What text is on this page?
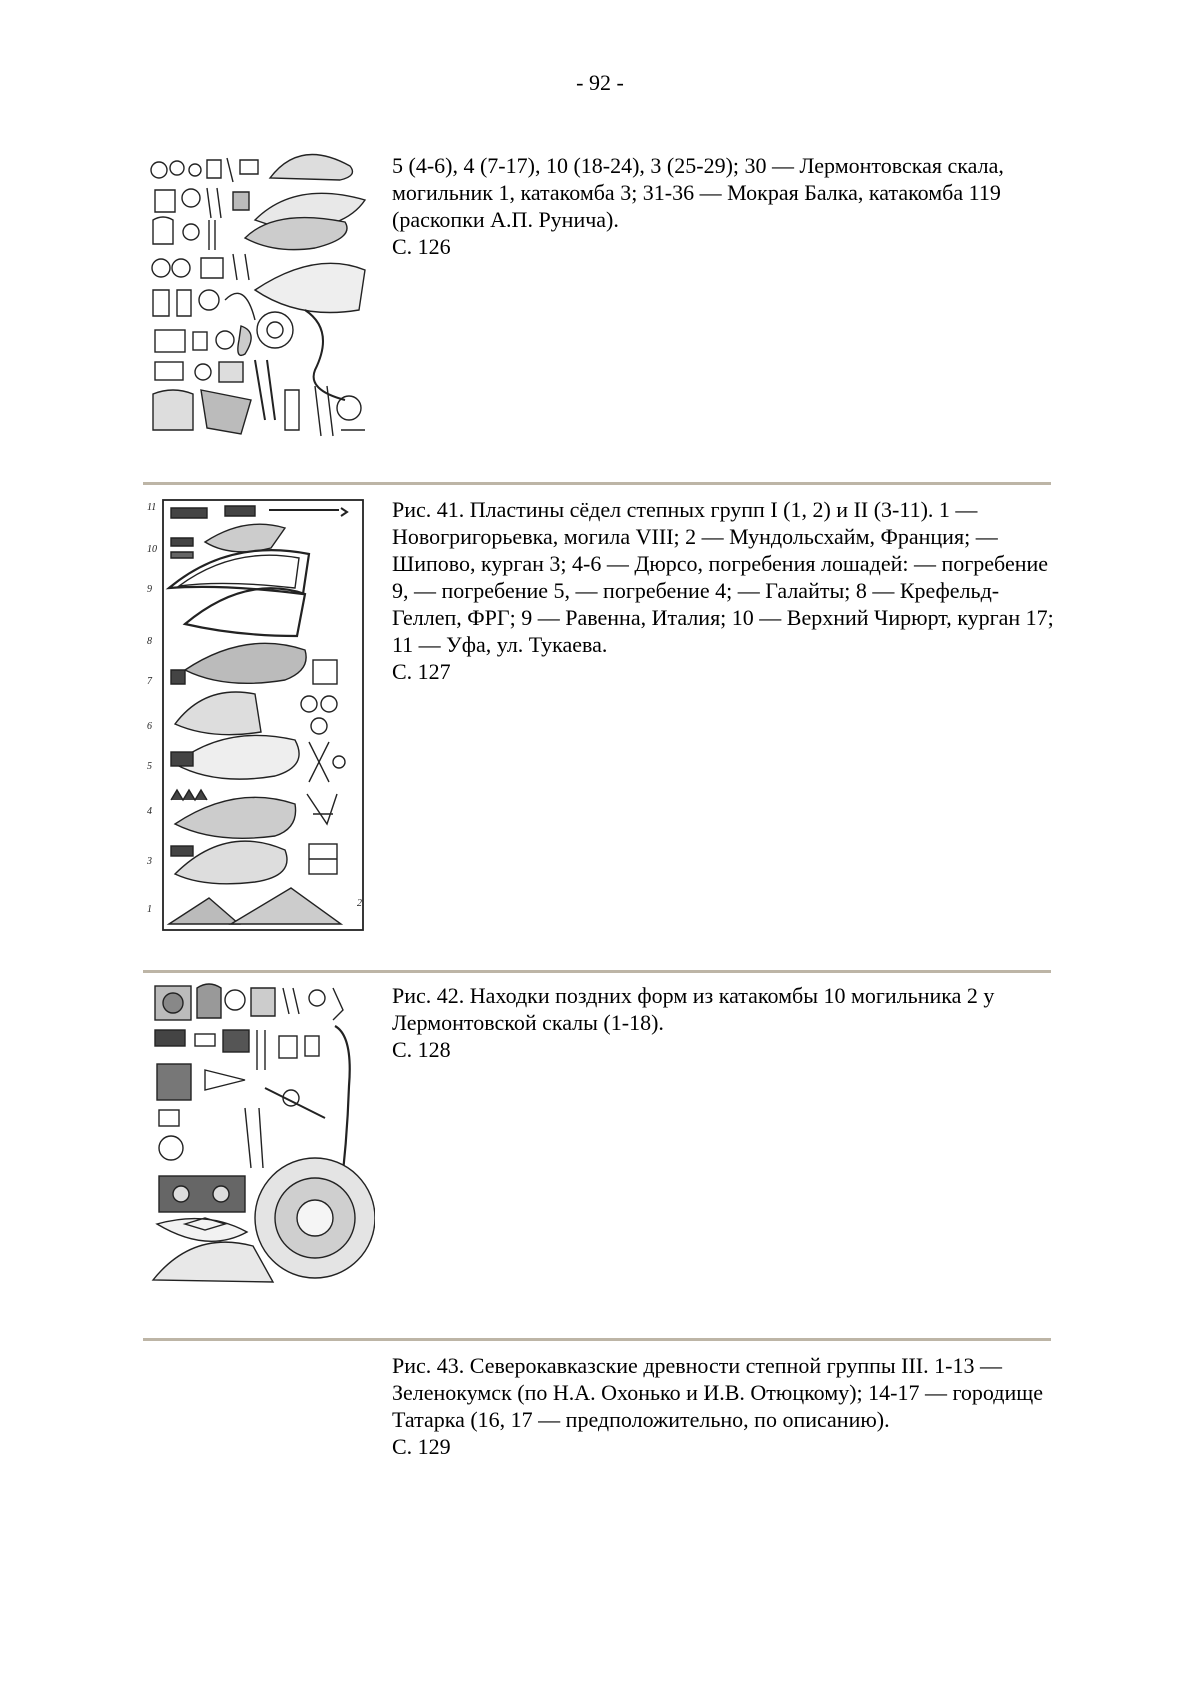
- 92 -

5 (4-6), 4 (7-17), 10 (18-24), 3 (25-29); 30 — Лермонтовская скала, могильник 1, катакомба 3; 31-36 — Мокрая Балка, катакомба 119 (раскопки А.П. Рунича).

С. 126

11
10
9
8
7
6
5
4
3
1
2

Рис. 41. Пластины сёдел степных групп I (1, 2) и II (3-11). 1 — Новогригорьевка, могила VIII; 2 — Мундольсхайм, Франция; — Шипово, курган 3; 4-6 — Дюрсо, погребения лошадей: — погребение 9, — погребение 5, — погребение 4; — Галайты; 8 — Крефельд-Геллеп, ФРГ; 9 — Равенна, Италия; 10 — Верхний Чирюрт, курган 17; 11 — Уфа, ул. Тукаева.

С. 127

Рис. 42. Находки поздних форм из катакомбы 10 могильника 2 у Лермонтовской скалы (1-18).

С. 128

Рис. 43. Северокавказские древности степной группы III. 1-13 — Зеленокумск (по Н.А. Охонько и И.В. Отюцкому); 14-17 — городище Татарка (16, 17 — предположительно, по описанию).

С. 129
